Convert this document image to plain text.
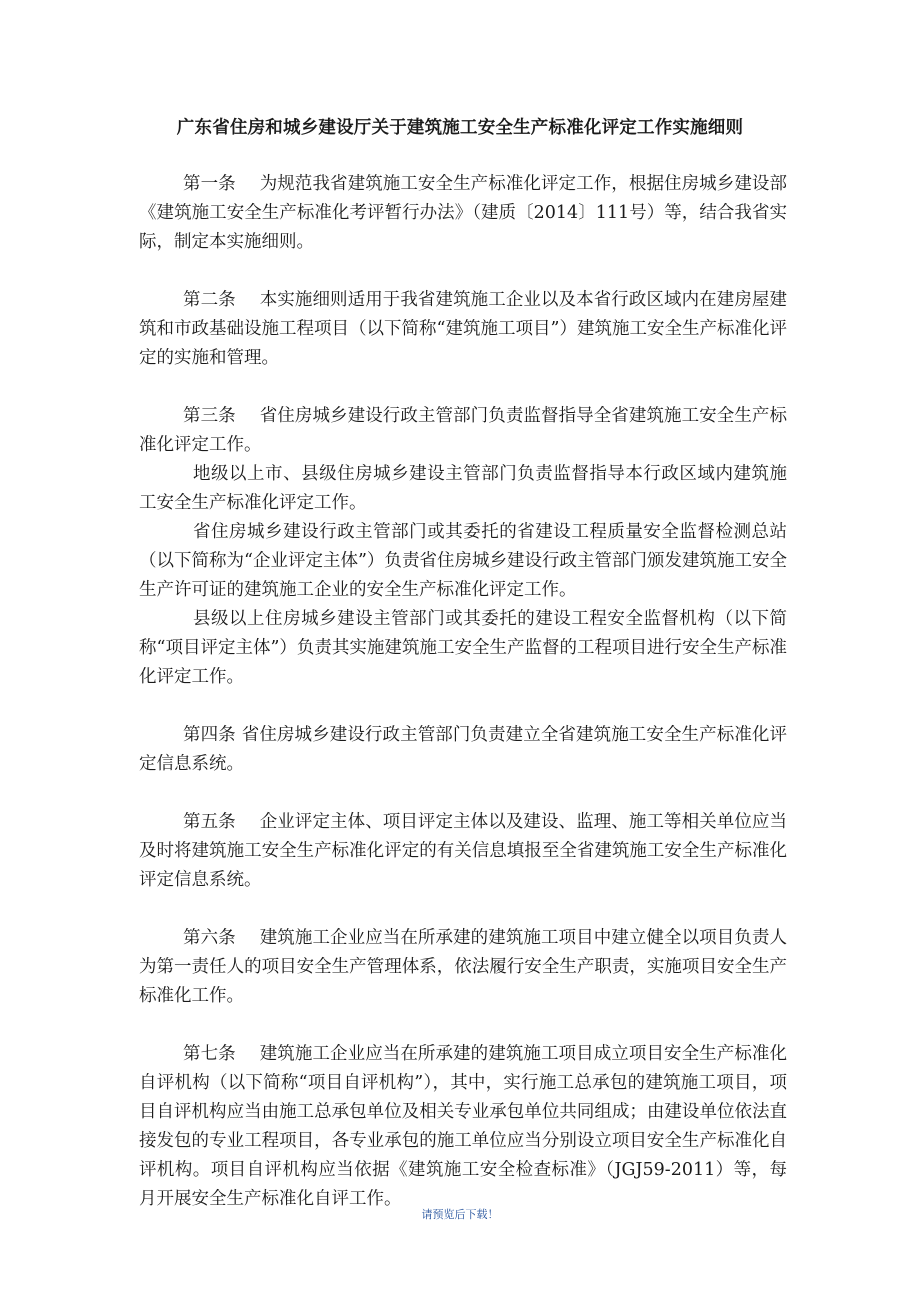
广东省住房和城乡建设厅关于建筑施工安全生产标准化评定工作实施细则

第一条 为规范我省建筑施工安全生产标准化评定工作，根据住房城乡建设部《建筑施工安全生产标准化考评暂行办法》（建质〔2014〕111号）等，结合我省实际，制定本实施细则。

第二条 本实施细则适用于我省建筑施工企业以及本省行政区域内在建房屋建筑和市政基础设施工程项目（以下简称“建筑施工项目”）建筑施工安全生产标准化评定的实施和管理。

第三条 省住房城乡建设行政主管部门负责监督指导全省建筑施工安全生产标准化评定工作。

地级以上市、县级住房城乡建设主管部门负责监督指导本行政区域内建筑施工安全生产标准化评定工作。

省住房城乡建设行政主管部门或其委托的省建设工程质量安全监督检测总站（以下简称为“企业评定主体”）负责省住房城乡建设行政主管部门颁发建筑施工安全生产许可证的建筑施工企业的安全生产标准化评定工作。

县级以上住房城乡建设主管部门或其委托的建设工程安全监督机构（以下简称“项目评定主体”）负责其实施建筑施工安全生产监督的工程项目进行安全生产标准化评定工作。

第四条 省住房城乡建设行政主管部门负责建立全省建筑施工安全生产标准化评定信息系统。

第五条 企业评定主体、项目评定主体以及建设、监理、施工等相关单位应当及时将建筑施工安全生产标准化评定的有关信息填报至全省建筑施工安全生产标准化评定信息系统。

第六条 建筑施工企业应当在所承建的建筑施工项目中建立健全以项目负责人为第一责任人的项目安全生产管理体系，依法履行安全生产职责，实施项目安全生产标准化工作。

第七条 建筑施工企业应当在所承建的建筑施工项目成立项目安全生产标准化自评机构（以下简称“项目自评机构”），其中，实行施工总承包的建筑施工项目，项目自评机构应当由施工总承包单位及相关专业承包单位共同组成；由建设单位依法直接发包的专业工程项目，各专业承包的施工单位应当分别设立项目安全生产标准化自评机构。项目自评机构应当依据《建筑施工安全检查标准》（JGJ59-2011）等，每月开展安全生产标准化自评工作。

请预览后下载！
